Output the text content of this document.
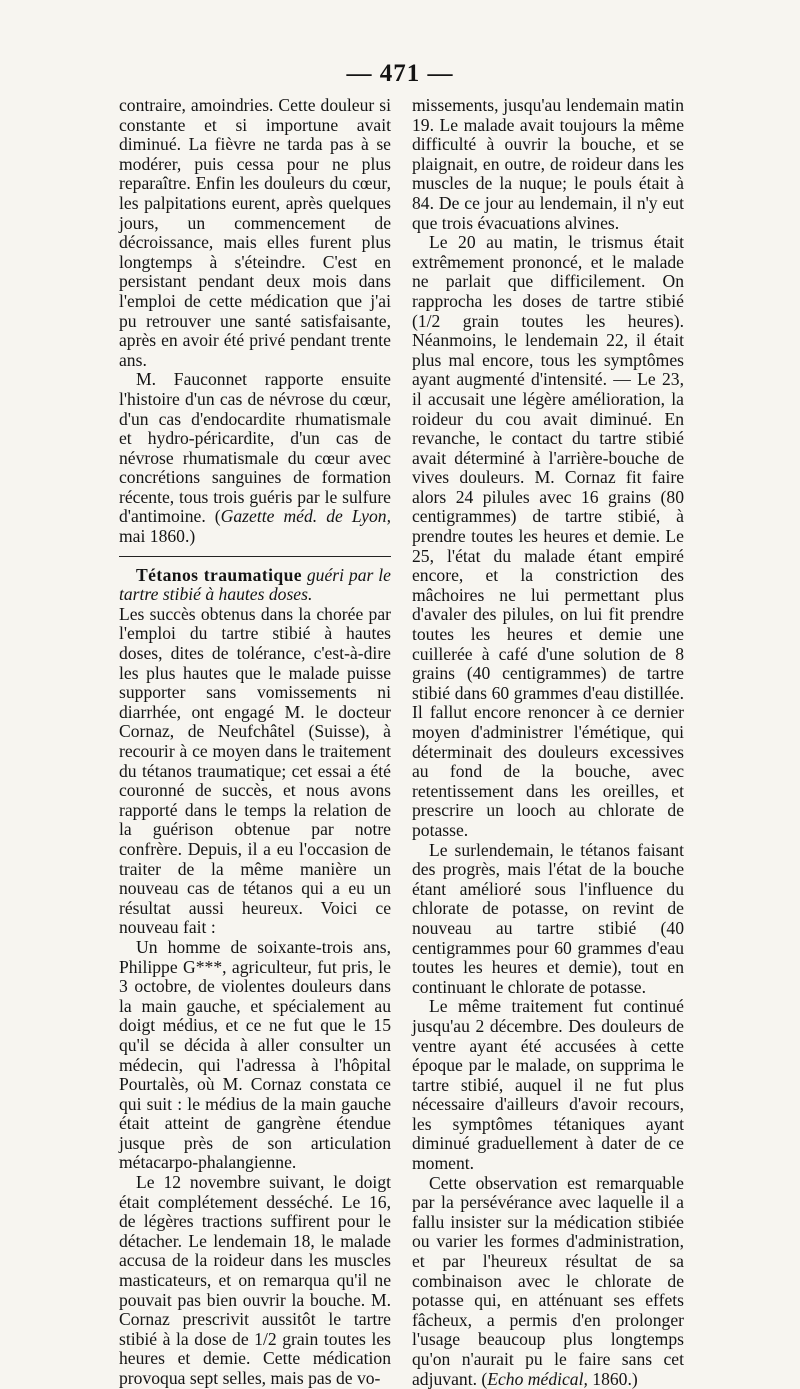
— 471 —

contraire, amoindries. Cette douleur si constante et si importune avait diminué. La fièvre ne tarda pas à se modérer, puis cessa pour ne plus reparaître. Enfin les douleurs du cœur, les palpitations eurent, après quelques jours, un commencement de décroissance, mais elles furent plus longtemps à s'éteindre. C'est en persistant pendant deux mois dans l'emploi de cette médication que j'ai pu retrouver une santé satisfaisante, après en avoir été privé pendant trente ans.

M. Fauconnet rapporte ensuite l'histoire d'un cas de névrose du cœur, d'un cas d'endocardite rhumatismale et hydro-péricardite, d'un cas de névrose rhumatismale du cœur avec concrétions sanguines de formation récente, tous trois guéris par le sulfure d'antimoine. (Gazette méd. de Lyon, mai 1860.)

Tétanos traumatique guéri par le tartre stibié à hautes doses.

Les succès obtenus dans la chorée par l'emploi du tartre stibié à hautes doses, dites de tolérance, c'est-à-dire les plus hautes que le malade puisse supporter sans vomissements ni diarrhée, ont engagé M. le docteur Cornaz, de Neufchâtel (Suisse), à recourir à ce moyen dans le traitement du tétanos traumatique; cet essai a été couronné de succès, et nous avons rapporté dans le temps la relation de la guérison obtenue par notre confrère. Depuis, il a eu l'occasion de traiter de la même manière un nouveau cas de tétanos qui a eu un résultat aussi heureux. Voici ce nouveau fait :

Un homme de soixante-trois ans, Philippe G***, agriculteur, fut pris, le 3 octobre, de violentes douleurs dans la main gauche, et spécialement au doigt médius, et ce ne fut que le 15 qu'il se décida à aller consulter un médecin, qui l'adressa à l'hôpital Pourtalès, où M. Cornaz constata ce qui suit : le médius de la main gauche était atteint de gangrène étendue jusque près de son articulation métacarpo-phalangienne.

Le 12 novembre suivant, le doigt était complétement desséché. Le 16, de légères tractions suffirent pour le détacher. Le lendemain 18, le malade accusa de la roideur dans les muscles masticateurs, et on remarqua qu'il ne pouvait pas bien ouvrir la bouche. M. Cornaz prescrivit aussitôt le tartre stibié à la dose de 1/2 grain toutes les heures et demie. Cette médication provoqua sept selles, mais pas de vo-

missements, jusqu'au lendemain matin 19. Le malade avait toujours la même difficulté à ouvrir la bouche, et se plaignait, en outre, de roideur dans les muscles de la nuque; le pouls était à 84. De ce jour au lendemain, il n'y eut que trois évacuations alvines.

Le 20 au matin, le trismus était extrêmement prononcé, et le malade ne parlait que difficilement. On rapprocha les doses de tartre stibié (1/2 grain toutes les heures). Néanmoins, le lendemain 22, il était plus mal encore, tous les symptômes ayant augmenté d'intensité. — Le 23, il accusait une légère amélioration, la roideur du cou avait diminué. En revanche, le contact du tartre stibié avait déterminé à l'arrière-bouche de vives douleurs. M. Cornaz fit faire alors 24 pilules avec 16 grains (80 centigrammes) de tartre stibié, à prendre toutes les heures et demie. Le 25, l'état du malade étant empiré encore, et la constriction des mâchoires ne lui permettant plus d'avaler des pilules, on lui fit prendre toutes les heures et demie une cuillerée à café d'une solution de 8 grains (40 centigrammes) de tartre stibié dans 60 grammes d'eau distillée. Il fallut encore renoncer à ce dernier moyen d'administrer l'émétique, qui déterminait des douleurs excessives au fond de la bouche, avec retentissement dans les oreilles, et prescrire un looch au chlorate de potasse.

Le surlendemain, le tétanos faisant des progrès, mais l'état de la bouche étant amélioré sous l'influence du chlorate de potasse, on revint de nouveau au tartre stibié (40 centigrammes pour 60 grammes d'eau toutes les heures et demie), tout en continuant le chlorate de potasse.

Le même traitement fut continué jusqu'au 2 décembre. Des douleurs de ventre ayant été accusées à cette époque par le malade, on supprima le tartre stibié, auquel il ne fut plus nécessaire d'ailleurs d'avoir recours, les symptômes tétaniques ayant diminué graduellement à dater de ce moment.

Cette observation est remarquable par la persévérance avec laquelle il a fallu insister sur la médication stibiée ou varier les formes d'administration, et par l'heureux résultat de sa combinaison avec le chlorate de potasse qui, en atténuant ses effets fâcheux, a permis d'en prolonger l'usage beaucoup plus longtemps qu'on n'aurait pu le faire sans cet adjuvant. (Echo médical, 1860.)
